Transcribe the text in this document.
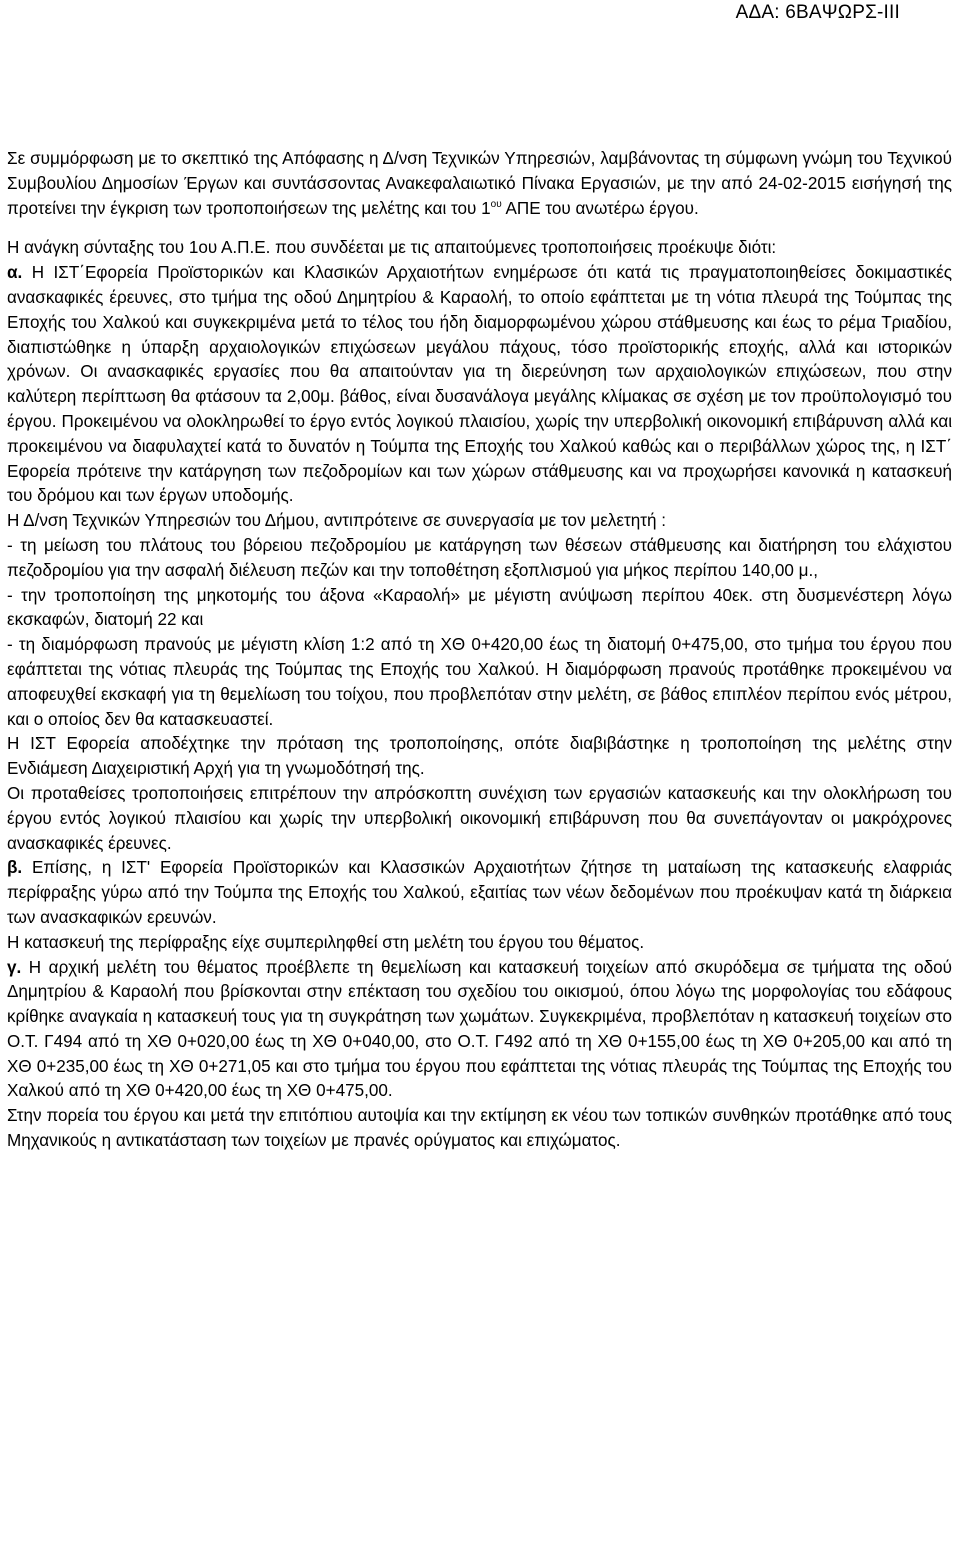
ΑΔΑ: 6ΒΑΨΩΡΣ-ΙΙΙ

Σε συμμόρφωση με το σκεπτικό της Απόφασης η Δ/νση Τεχνικών Υπηρεσιών, λαμβάνοντας τη σύμφωνη γνώμη του Τεχνικού Συμβουλίου Δημοσίων Έργων και συντάσσοντας Ανακεφαλαιωτικό Πίνακα Εργασιών, με την από 24-02-2015 εισήγησή της προτείνει την έγκριση των τροποποιήσεων της μελέτης και του $1^{o\upsilon}$ ΑΠΕ του ανωτέρω έργου.

Η ανάγκη σύνταξης του 1ου Α.Π.Ε. που συνδέεται με τις απαιτούμενες τροποποιήσεις προέκυψε διότι:

α. Η ΙΣΤ΄Εφορεία Προϊστορικών και Κλασικών Αρχαιοτήτων ενημέρωσε ότι κατά τις πραγματοποιηθείσες δοκιμαστικές ανασκαφικές έρευνες, στο τμήμα της οδού Δημητρίου & Καραολή, το οποίο εφάπτεται με τη νότια πλευρά της Τούμπας της Εποχής του Χαλκού και συγκεκριμένα μετά το τέλος του ήδη διαμορφωμένου χώρου στάθμευσης και έως το ρέμα Τριαδίου, διαπιστώθηκε η ύπαρξη αρχαιολογικών επιχώσεων μεγάλου πάχους, τόσο προϊστορικής εποχής, αλλά και ιστορικών χρόνων. Οι ανασκαφικές εργασίες που θα απαιτούνταν για τη διερεύνηση των αρχαιολογικών επιχώσεων, που στην καλύτερη περίπτωση θα φτάσουν τα 2,00μ. βάθος, είναι δυσανάλογα μεγάλης κλίμακας σε σχέση με τον προϋπολογισμό του έργου. Προκειμένου να ολοκληρωθεί το έργο εντός λογικού πλαισίου, χωρίς την υπερβολική οικονομική επιβάρυνση αλλά και προκειμένου να διαφυλαχτεί κατά το δυνατόν η Τούμπα της Εποχής του Χαλκού καθώς και ο περιβάλλων χώρος της, η ΙΣΤ΄ Εφορεία πρότεινε την κατάργηση των πεζοδρομίων και των χώρων στάθμευσης και να προχωρήσει κανονικά η κατασκευή του δρόμου και των έργων υποδομής.

Η Δ/νση Τεχνικών Υπηρεσιών του Δήμου, αντιπρότεινε σε συνεργασία με τον μελετητή :

- τη μείωση του πλάτους του βόρειου πεζοδρομίου με κατάργηση των θέσεων στάθμευσης και διατήρηση του ελάχιστου πεζοδρομίου για την ασφαλή διέλευση πεζών και την τοποθέτηση εξοπλισμού για μήκος περίπου 140,00 μ.,

- την τροποποίηση της μηκοτομής του άξονα «Καραολή» με μέγιστη ανύψωση περίπου 40εκ. στη δυσμενέστερη λόγω εκσκαφών, διατομή 22 και

- τη διαμόρφωση πρανούς με μέγιστη κλίση 1:2 από τη ΧΘ 0+420,00 έως τη διατομή 0+475,00, στο τμήμα του έργου που εφάπτεται της νότιας πλευράς της Τούμπας της Εποχής του Χαλκού. Η διαμόρφωση πρανούς προτάθηκε προκειμένου να αποφευχθεί εκσκαφή για τη θεμελίωση του τοίχου, που προβλεπόταν στην μελέτη, σε βάθος επιπλέον περίπου ενός μέτρου, και ο οποίος δεν θα κατασκευαστεί.

Η ΙΣΤ Εφορεία αποδέχτηκε την πρόταση της τροποποίησης, οπότε διαβιβάστηκε η τροποποίηση της μελέτης στην Ενδιάμεση Διαχειριστική Αρχή για τη γνωμοδότησή της.

Οι προταθείσες τροποποιήσεις επιτρέπουν την απρόσκοπτη συνέχιση των εργασιών κατασκευής και την ολοκλήρωση του έργου εντός λογικού πλαισίου και χωρίς την υπερβολική οικονομική επιβάρυνση που θα συνεπάγονταν οι μακρόχρονες ανασκαφικές έρευνες.

β. Επίσης, η ΙΣΤ' Εφορεία Προϊστορικών και Κλασσικών Αρχαιοτήτων ζήτησε τη ματαίωση της κατασκευής ελαφριάς περίφραξης γύρω από την Τούμπα της Εποχής του Χαλκού, εξαιτίας των νέων δεδομένων που προέκυψαν κατά τη διάρκεια των ανασκαφικών ερευνών.

Η κατασκευή της περίφραξης είχε συμπεριληφθεί στη μελέτη του έργου του θέματος.

γ. Η αρχική μελέτη του θέματος προέβλεπε τη θεμελίωση και κατασκευή τοιχείων από σκυρόδεμα σε τμήματα της οδού Δημητρίου & Καραολή που βρίσκονται στην επέκταση του σχεδίου του οικισμού, όπου λόγω της μορφολογίας του εδάφους κρίθηκε αναγκαία η κατασκευή τους για τη συγκράτηση των χωμάτων. Συγκεκριμένα, προβλεπόταν η κατασκευή τοιχείων στο Ο.Τ. Γ494 από τη ΧΘ 0+020,00 έως τη ΧΘ 0+040,00, στο Ο.Τ. Γ492 από τη ΧΘ 0+155,00 έως τη ΧΘ 0+205,00 και από τη ΧΘ 0+235,00 έως τη ΧΘ 0+271,05 και στο τμήμα του έργου που εφάπτεται της νότιας πλευράς της Τούμπας της Εποχής του Χαλκού από τη ΧΘ 0+420,00 έως τη ΧΘ 0+475,00.

Στην πορεία του έργου και μετά την επιτόπιου αυτοψία και την εκτίμηση εκ νέου των τοπικών συνθηκών προτάθηκε από τους Μηχανικούς η αντικατάσταση των τοιχείων με πρανές ορύγματος και επιχώματος.
